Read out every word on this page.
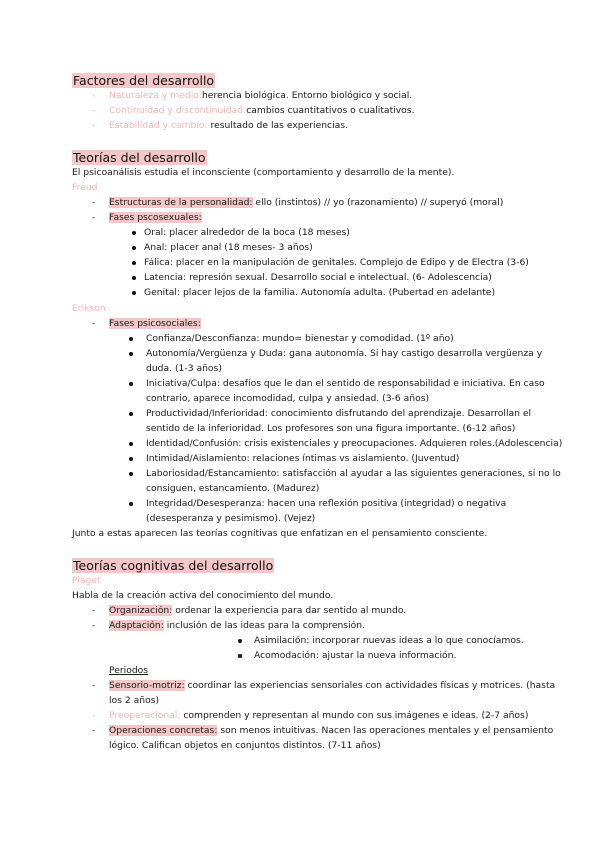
Factores del desarrollo
- Naturaleza y medio:herencia biológica. Entorno biológico y social.
- Continuidad y discontinuidad:cambios cuantitativos o cualitativos.
- Estabilidad y cambio: resultado de las experiencias.
Teorías del desarrollo
El psicoanálisis estudia el inconsciente (comportamiento y desarrollo de la mente).
Freud
- Estructuras de la personalidad: ello (instintos) // yo (razonamiento) // superyó (moral)
- Fases pscosexuales:
Oral: placer alrededor de la boca (18 meses)
Anal: placer anal (18 meses- 3 años)
Fálica: placer en la manipulación de genitales. Complejo de Edipo y de Electra (3-6)
Latencia: represión sexual. Desarrollo social e intelectual. (6- Adolescencia)
Genital: placer lejos de la familia. Autonomía adulta. (Pubertad en adelante)
Erikson
- Fases psicosociales:
Confianza/Desconfianza: mundo= bienestar y comodidad. (1º año)
Autonomía/Vergüenza y Duda: gana autonomía. Si hay castigo desarrolla vergüenza y
duda. (1-3 años)
Iniciativa/Culpa: desafíos que le dan el sentido de responsabilidad e iniciativa. En caso
contrario, aparece incomodidad, culpa y ansiedad. (3-6 años)
Productividad/Inferioridad: conocimiento disfrutando del aprendizaje. Desarrollan el
sentido de la inferioridad. Los profesores son una figura importante. (6-12 años)
Identidad/Confusión: crisis existenciales y preocupaciones. Adquieren roles.(Adolescencia)
Intimidad/Aislamiento: relaciones íntimas vs aislamiento. (Juventud)
Laboriosidad/Estancamiento: satisfacción al ayudar a las siguientes generaciones, si no lo
consiguen, estancamiento. (Madurez)
Integridad/Desesperanza: hacen una reflexión positiva (integridad) o negativa
(desesperanza y pesimismo). (Vejez)
Junto a estas aparecen las teorías cognitivas que enfatizan en el pensamiento consciente.
Teorías cognitivas del desarrollo
Piaget
Habla de la creación activa del conocimiento del mundo.
- Organización: ordenar la experiencia para dar sentido al mundo.
- Adaptación: inclusión de las ideas para la comprensión.
Asimilación: incorporar nuevas ideas a lo que conocíamos.
Acomodación: ajustar la nueva información.
Periodos
- Sensorio-motriz: coordinar las experiencias sensoriales con actividades físicas y motrices. (hasta
los 2 años)
- Preoperacional: comprenden y representan al mundo con sus imágenes e ideas. (2-7 años)
- Operaciones concretas: son menos intuitivas. Nacen las operaciones mentales y el pensamiento
lógico. Califican objetos en conjuntos distintos. (7-11 años)
